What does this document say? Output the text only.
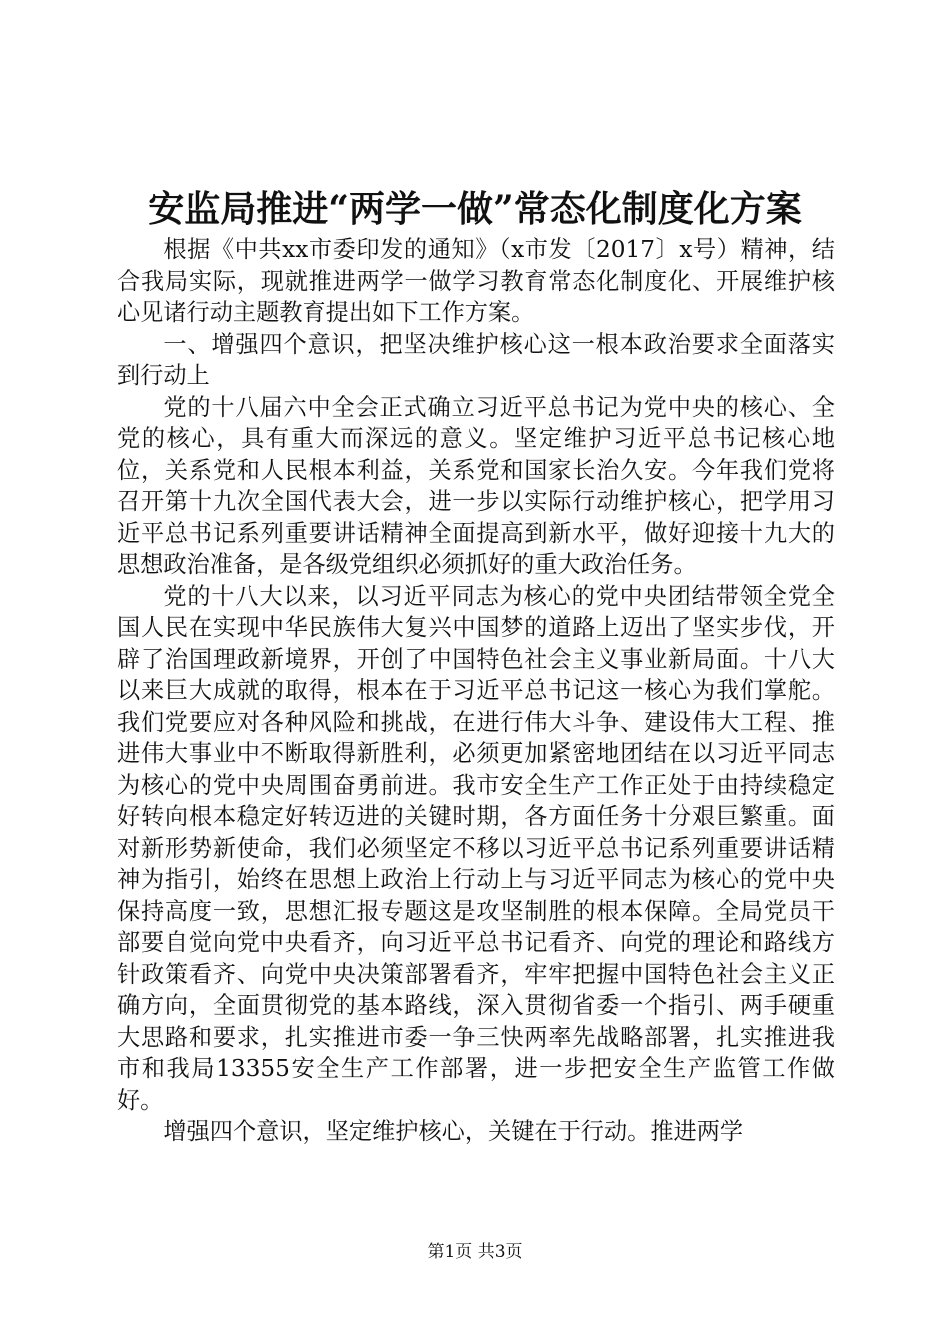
安监局推进“两学一做”常态化制度化方案

根据《中共xx市委印发的通知》（x市发〔2017〕x号）精神，结合我局实际，现就推进两学一做学习教育常态化制度化、开展维护核心见诸行动主题教育提出如下工作方案。

一、增强四个意识，把坚决维护核心这一根本政治要求全面落实到行动上

党的十八届六中全会正式确立习近平总书记为党中央的核心、全党的核心，具有重大而深远的意义。坚定维护习近平总书记核心地位，关系党和人民根本利益，关系党和国家长治久安。今年我们党将召开第十九次全国代表大会，进一步以实际行动维护核心，把学用习近平总书记系列重要讲话精神全面提高到新水平，做好迎接十九大的思想政治准备，是各级党组织必须抓好的重大政治任务。

党的十八大以来，以习近平同志为核心的党中央团结带领全党全国人民在实现中华民族伟大复兴中国梦的道路上迈出了坚实步伐，开辟了治国理政新境界，开创了中国特色社会主义事业新局面。十八大以来巨大成就的取得，根本在于习近平总书记这一核心为我们掌舵。我们党要应对各种风险和挑战，在进行伟大斗争、建设伟大工程、推进伟大事业中不断取得新胜利，必须更加紧密地团结在以习近平同志为核心的党中央周围奋勇前进。我市安全生产工作正处于由持续稳定好转向根本稳定好转迈进的关键时期，各方面任务十分艰巨繁重。面对新形势新使命，我们必须坚定不移以习近平总书记系列重要讲话精神为指引，始终在思想上政治上行动上与习近平同志为核心的党中央保持高度一致，思想汇报专题这是攻坚制胜的根本保障。全局党员干部要自觉向党中央看齐，向习近平总书记看齐、向党的理论和路线方针政策看齐、向党中央决策部署看齐，牢牢把握中国特色社会主义正确方向，全面贯彻党的基本路线，深入贯彻省委一个指引、两手硬重大思路和要求，扎实推进市委一争三快两率先战略部署，扎实推进我市和我局13355安全生产工作部署，进一步把安全生产监管工作做好。

增强四个意识，坚定维护核心，关键在于行动。推进两学

第1页 共3页
